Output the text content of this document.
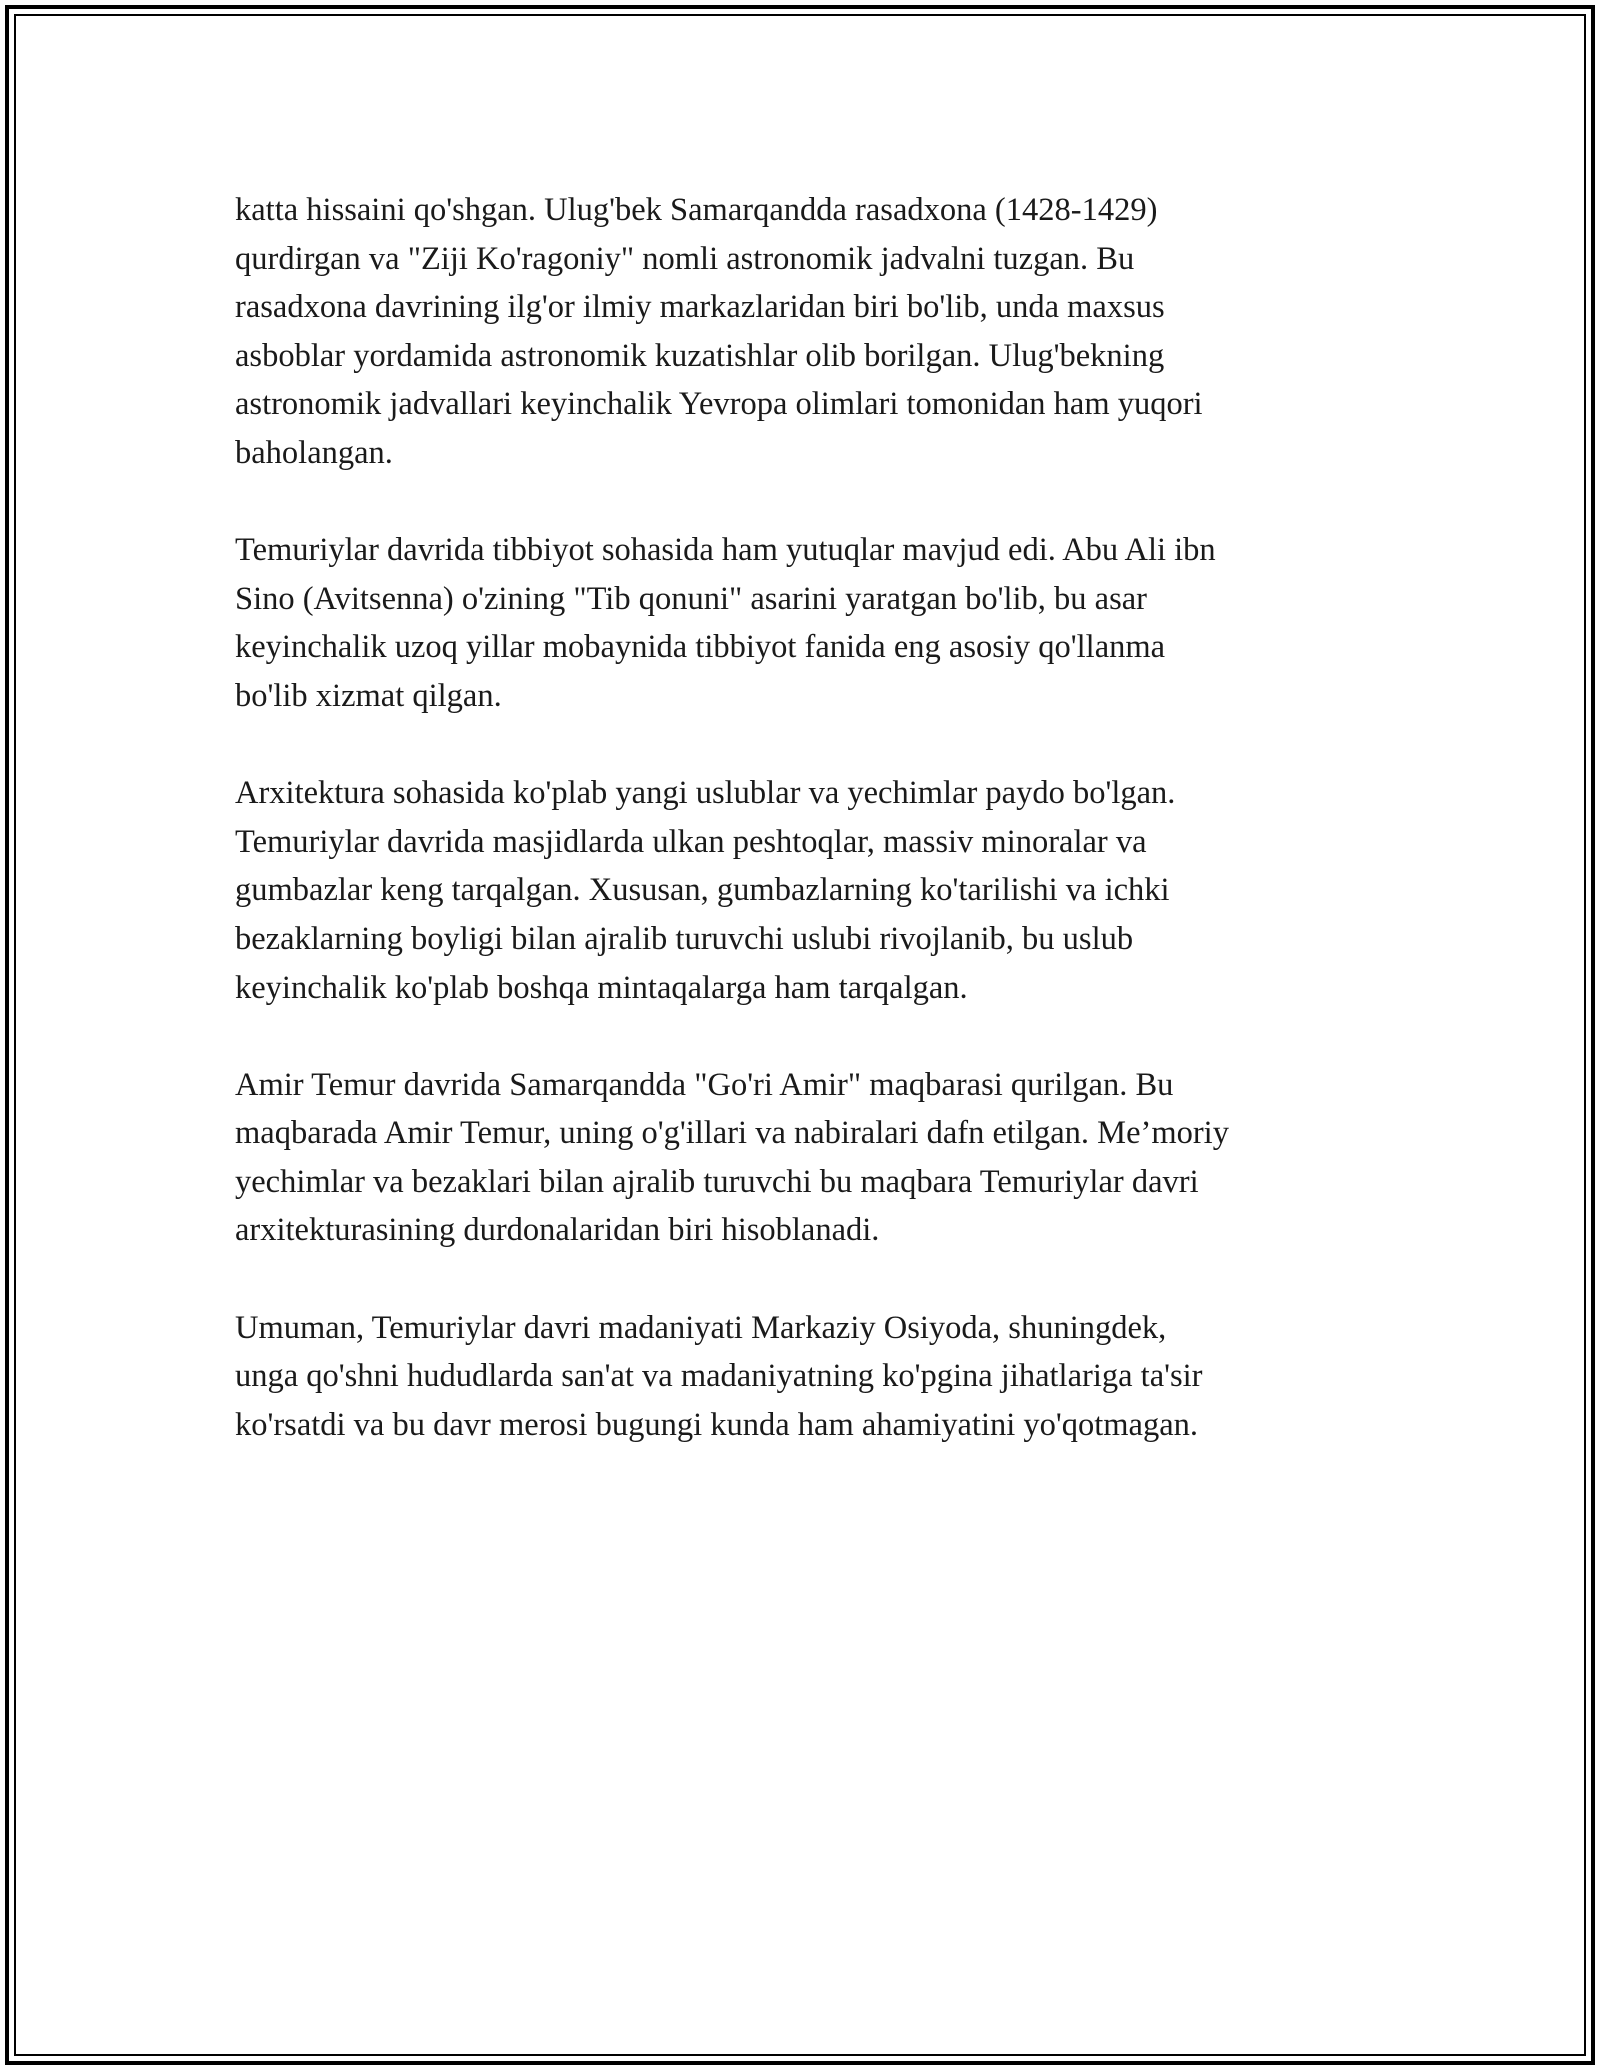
katta hissaini qo'shgan. Ulug'bek Samarqandda rasadxona (1428-1429)
qurdirgan va "Ziji Ko'ragoniy" nomli astronomik jadvalni tuzgan. Bu
rasadxona davrining ilg'or ilmiy markazlaridan biri bo'lib, unda maxsus
asboblar yordamida astronomik kuzatishlar olib borilgan. Ulug'bekning
astronomik jadvallari keyinchalik Yevropa olimlari tomonidan ham yuqori
baholangan.

Temuriylar davrida tibbiyot sohasida ham yutuqlar mavjud edi. Abu Ali ibn
Sino (Avitsenna) o'zining "Tib qonuni" asarini yaratgan bo'lib, bu asar
keyinchalik uzoq yillar mobaynida tibbiyot fanida eng asosiy qo'llanma
bo'lib xizmat qilgan.

Arxitektura sohasida ko'plab yangi uslublar va yechimlar paydo bo'lgan.
Temuriylar davrida masjidlarda ulkan peshtoqlar, massiv minoralar va
gumbazlar keng tarqalgan. Xususan, gumbazlarning ko'tarilishi va ichki
bezaklarning boyligi bilan ajralib turuvchi uslubi rivojlanib, bu uslub
keyinchalik ko'plab boshqa mintaqalarga ham tarqalgan.

Amir Temur davrida Samarqandda "Go'ri Amir" maqbarasi qurilgan. Bu
maqbarada Amir Temur, uning o'g'illari va nabiralari dafn etilgan. Me’moriy
yechimlar va bezaklari bilan ajralib turuvchi bu maqbara Temuriylar davri
arxitekturasining durdonalaridan biri hisoblanadi.

Umuman, Temuriylar davri madaniyati Markaziy Osiyoda, shuningdek,
unga qo'shni hududlarda san'at va madaniyatning ko'pgina jihatlariga ta'sir
ko'rsatdi va bu davr merosi bugungi kunda ham ahamiyatini yo'qotmagan.
